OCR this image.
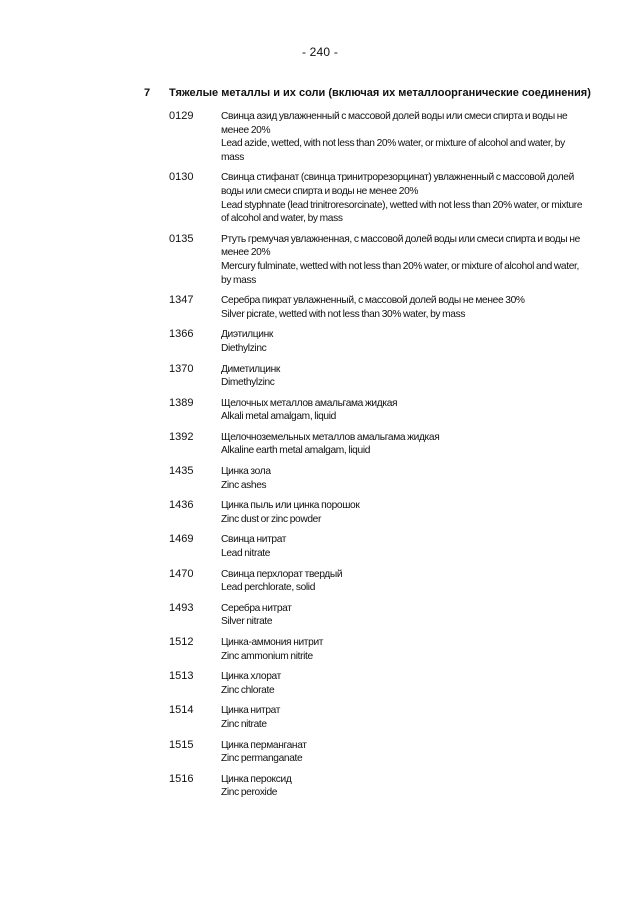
- 240 -
7 Тяжелые металлы и их соли (включая их металлоорганические соединения)
0129	Свинца азид увлажненный с массовой долей воды или смеси спирта и воды не менее 20%
Lead azide, wetted, with not less than 20% water, or mixture of alcohol and water, by mass
0130	Свинца стифанат (свинца тринитрорезорцинат) увлажненный с массовой долей воды или смеси спирта и воды не менее 20%
Lead styphnate (lead trinitroresorcinate), wetted with not less than 20% water, or mixture of alcohol and water, by mass
0135	Ртуть гремучая увлажненная, с массовой долей воды или смеси спирта и воды не менее 20%
Mercury fulminate, wetted with not less than 20% water, or mixture of alcohol and water, by mass
1347	Серебра пикрат увлажненный, с массовой долей воды не менее 30%
Silver picrate, wetted with not less than 30% water, by mass
1366	Диэтилцинк
Diethylzinc
1370	Диметилцинк
Dimethylzinc
1389	Щелочных металлов амальгама жидкая
Alkali metal amalgam, liquid
1392	Щелочноземельных металлов амальгама жидкая
Alkaline earth metal amalgam, liquid
1435	Цинка зола
Zinc ashes
1436	Цинка пыль или цинка порошок
Zinc dust or zinc powder
1469	Свинца нитрат
Lead nitrate
1470	Свинца перхлорат твердый
Lead perchlorate, solid
1493	Серебра нитрат
Silver nitrate
1512	Цинка-аммония нитрит
Zinc ammonium nitrite
1513	Цинка хлорат
Zinc chlorate
1514	Цинка нитрат
Zinc nitrate
1515	Цинка перманганат
Zinc permanganate
1516	Цинка пероксид
Zinc peroxide
